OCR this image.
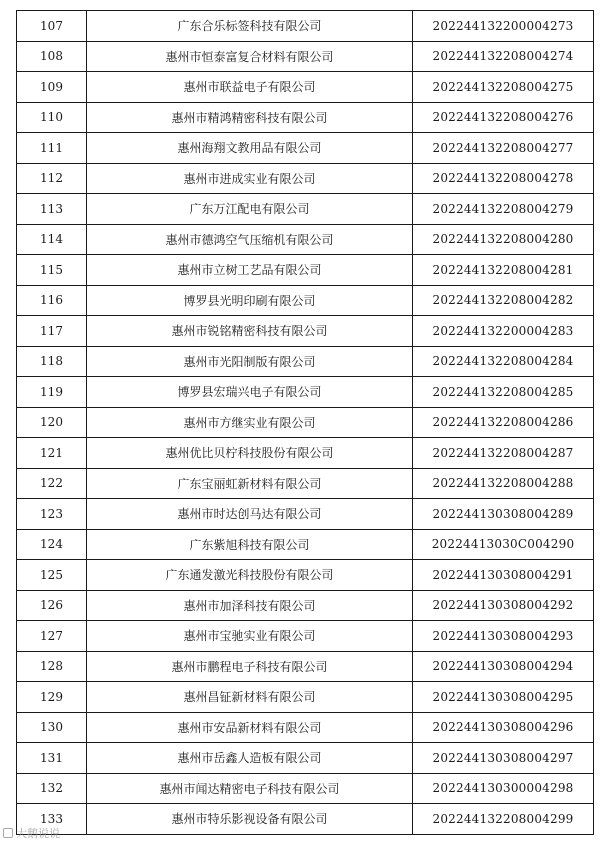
107	广东合乐标签科技有限公司	202244132200004273
108	惠州市恒泰富复合材料有限公司	202244132208004274
109	惠州市联益电子有限公司	202244132208004275
110	惠州市精鸿精密科技有限公司	202244132208004276
111	惠州海翔文教用品有限公司	202244132208004277
112	惠州市进成实业有限公司	202244132208004278
113	广东万江配电有限公司	202244132208004279
114	惠州市德鸿空气压缩机有限公司	202244132208004280
115	惠州市立树工艺品有限公司	202244132208004281
116	博罗县光明印刷有限公司	202244132208004282
117	惠州市锐铭精密科技有限公司	202244132200004283
118	惠州市光阳制版有限公司	202244132208004284
119	博罗县宏瑞兴电子有限公司	202244132208004285
120	惠州市方继实业有限公司	202244132208004286
121	惠州优比贝柠科技股份有限公司	202244132208004287
122	广东宝丽虹新材料有限公司	202244132208004288
123	惠州市时达创马达有限公司	202244130308004289
124	广东紫旭科技有限公司	20224413030C004290
125	广东通发激光科技股份有限公司	202244130308004291
126	惠州市加泽科技有限公司	202244130308004292
127	惠州市宝驰实业有限公司	202244130308004293
128	惠州市鹏程电子科技有限公司	202244130308004294
129	惠州昌钲新材料有限公司	202244130308004295
130	惠州市安品新材料有限公司	202244130308004296
131	惠州市岳鑫人造板有限公司	202244130308004297
132	惠州市闻达精密电子科技有限公司	202244130300004298
133	惠州市特乐影视设备有限公司	202244132208004299
大鹅说说
